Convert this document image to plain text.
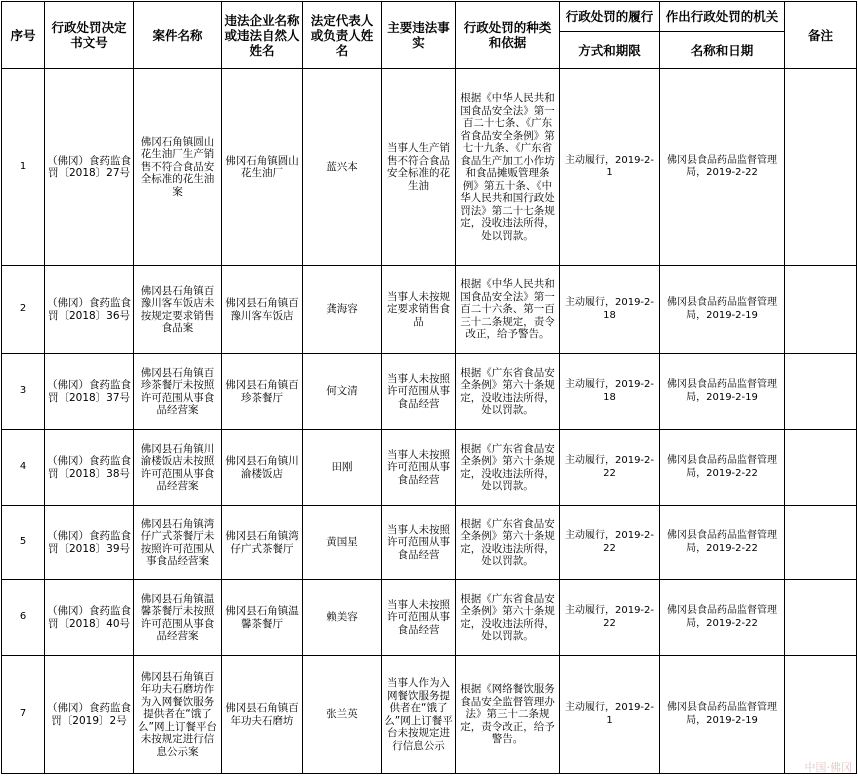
序号	行政处罚决定书文号	案件名称	违法企业名称或违法自然人姓名	法定代表人或负责人姓名	主要违法事实	行政处罚的种类和依据	行政处罚的履行	作出行政处罚的机关	备注
							方式和期限	名称和日期	
1	（佛冈）食药监食罚〔2018〕27号	佛冈石角镇圆山花生油厂生产销售不符合食品安全标准的花生油案	佛冈石角镇圆山花生油厂	蓝兴本	当事人生产销售不符合食品安全标准的花生油	根据《中华人民共和国食品安全法》第一百二十七条、《广东省食品安全条例》第七十九条、《广东省食品生产加工小作坊和食品摊贩管理条例》第五十条、《中华人民共和国行政处罚法》第二十七条规定，没收违法所得，处以罚款。	主动履行，2019-2-1	佛冈县食品药品监督管理局，2019-2-22	
2	（佛冈）食药监食罚〔2018〕36号	佛冈县石角镇百豫川客车饭店未按规定要求销售食品案	佛冈县石角镇百豫川客车饭店	龚海容	当事人未按规定要求销售食品	根据《中华人民共和国食品安全法》第一百二十六条、第一百三十二条规定，责令改正，给予警告。	主动履行，2019-2-18	佛冈县食品药品监督管理局，2019-2-19	
3	（佛冈）食药监食罚〔2018〕37号	佛冈县石角镇百珍茶餐厅未按照许可范围从事食品经营案	佛冈县石角镇百珍茶餐厅	何文清	当事人未按照许可范围从事食品经营	根据《广东省食品安全条例》第六十条规定，没收违法所得，处以罚款。	主动履行，2019-2-18	佛冈县食品药品监督管理局，2019-2-19	
4	（佛冈）食药监食罚〔2018〕38号	佛冈县石角镇川渝楼饭店未按照许可范围从事食品经营案	佛冈县石角镇川渝楼饭店	田刚	当事人未按照许可范围从事食品经营	根据《广东省食品安全条例》第六十条规定，没收违法所得，处以罚款。	主动履行，2019-2-22	佛冈县食品药品监督管理局，2019-2-22	
5	（佛冈）食药监食罚〔2018〕39号	佛冈县石角镇湾仔广式茶餐厅未按照许可范围从事食品经营案	佛冈县石角镇湾仔广式茶餐厅	黄国星	当事人未按照许可范围从事食品经营	根据《广东省食品安全条例》第六十条规定，没收违法所得，处以罚款。	主动履行，2019-2-22	佛冈县食品药品监督管理局，2019-2-22	
6	（佛冈）食药监食罚〔2018〕40号	佛冈县石角镇温馨茶餐厅未按照许可范围从事食品经营案	佛冈县石角镇温馨茶餐厅	赖美容	当事人未按照许可范围从事食品经营	根据《广东省食品安全条例》第六十条规定，没收违法所得，处以罚款。	主动履行，2019-2-22	佛冈县食品药品监督管理局，2019-2-22	
7	（佛冈）食药监食罚〔2019〕2号	佛冈县石角镇百年功夫石磨坊作为入网餐饮服务提供者在“饿了么”网上订餐平台未按规定进行信息公示案	佛冈县石角镇百年功夫石磨坊	张兰英	当事人作为入网餐饮服务提供者在“饿了么”网上订餐平台未按规定进行信息公示	根据《网络餐饮服务食品安全监督管理办法》第三十二条规定，责令改正，给予警告。	主动履行，2019-2-1	佛冈县食品药品监督管理局，2019-2-19	
中国·佛冈
